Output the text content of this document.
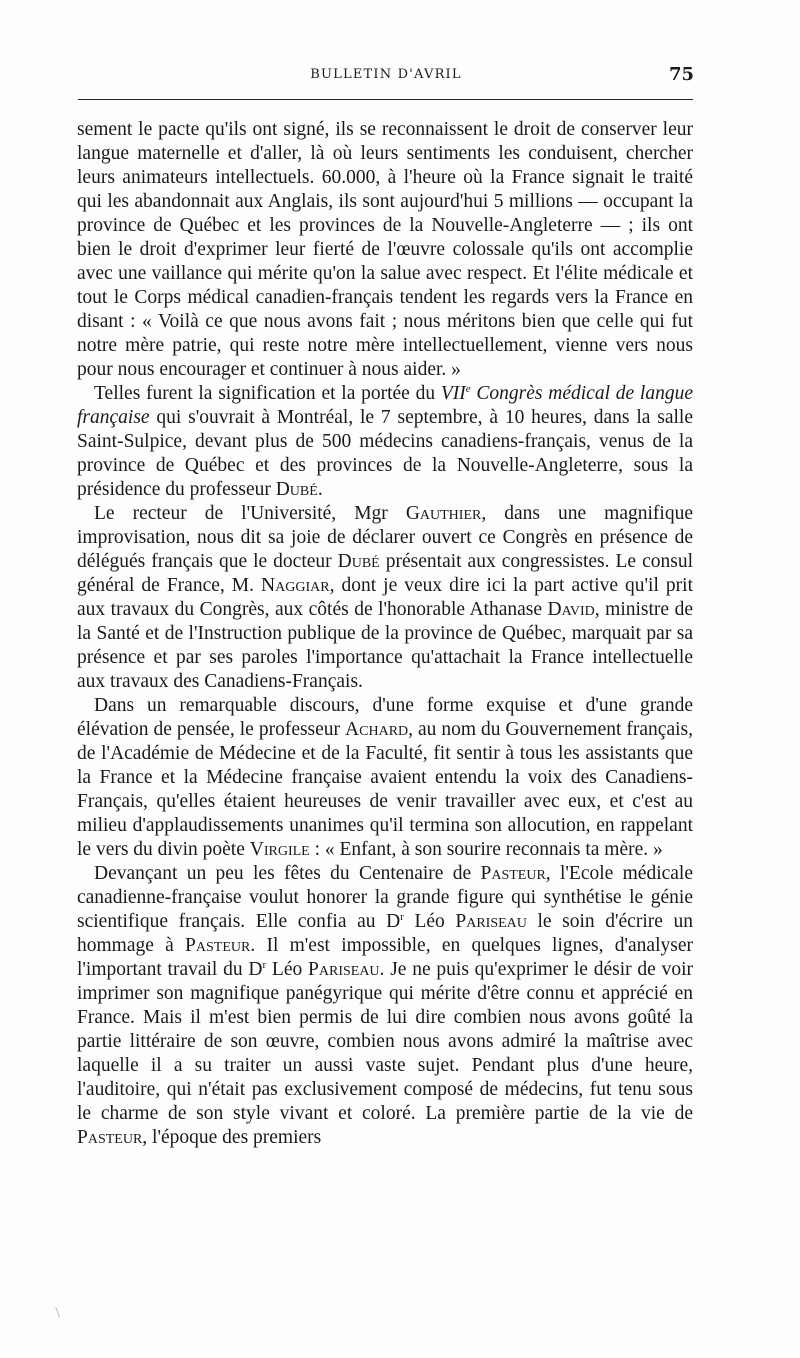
BULLETIN D'AVRIL	75

sement le pacte qu'ils ont signé, ils se reconnaissent le droit de conserver leur langue maternelle et d'aller, là où leurs sentiments les conduisent, chercher leurs animateurs intellectuels. 60.000, à l'heure où la France signait le traité qui les abandonnait aux Anglais, ils sont aujourd'hui 5 millions — occupant la province de Québec et les provinces de la Nouvelle-Angleterre — ; ils ont bien le droit d'exprimer leur fierté de l'œuvre colossale qu'ils ont accomplie avec une vaillance qui mérite qu'on la salue avec respect. Et l'élite médicale et tout le Corps médical canadien-français tendent les regards vers la France en disant : « Voilà ce que nous avons fait ; nous méritons bien que celle qui fut notre mère patrie, qui reste notre mère intellectuellement, vienne vers nous pour nous encourager et continuer à nous aider. »

Telles furent la signification et la portée du VIIe Congrès médical de langue française qui s'ouvrait à Montréal, le 7 septembre, à 10 heures, dans la salle Saint-Sulpice, devant plus de 500 médecins canadiens-français, venus de la province de Québec et des provinces de la Nouvelle-Angleterre, sous la présidence du professeur Dubé.

Le recteur de l'Université, Mgr Gauthier, dans une magnifique improvisation, nous dit sa joie de déclarer ouvert ce Congrès en présence de délégués français que le docteur Dubé présentait aux congressistes. Le consul général de France, M. Naggiar, dont je veux dire ici la part active qu'il prit aux travaux du Congrès, aux côtés de l'honorable Athanase David, ministre de la Santé et de l'Instruction publique de la province de Québec, marquait par sa présence et par ses paroles l'importance qu'attachait la France intellectuelle aux travaux des Canadiens-Français.

Dans un remarquable discours, d'une forme exquise et d'une grande élévation de pensée, le professeur Achard, au nom du Gouvernement français, de l'Académie de Médecine et de la Faculté, fit sentir à tous les assistants que la France et la Médecine française avaient entendu la voix des Canadiens-Français, qu'elles étaient heureuses de venir travailler avec eux, et c'est au milieu d'applaudissements unanimes qu'il termina son allocution, en rappelant le vers du divin poète Virgile : « Enfant, à son sourire reconnais ta mère. »

Devançant un peu les fêtes du Centenaire de Pasteur, l'Ecole médicale canadienne-française voulut honorer la grande figure qui synthétise le génie scientifique français. Elle confia au $D^r$ Léo Pariseau le soin d'écrire un hommage à Pasteur. Il m'est impossible, en quelques lignes, d'analyser l'important travail du $D^r$ Léo Pariseau. Je ne puis qu'exprimer le désir de voir imprimer son magnifique panégyrique qui mérite d'être connu et apprécié en France. Mais il m'est bien permis de lui dire combien nous avons goûté la partie littéraire de son œuvre, combien nous avons admiré la maîtrise avec laquelle il a su traiter un aussi vaste sujet. Pendant plus d'une heure, l'auditoire, qui n'était pas exclusivement composé de médecins, fut tenu sous le charme de son style vivant et coloré. La première partie de la vie de Pasteur, l'époque des premiers
